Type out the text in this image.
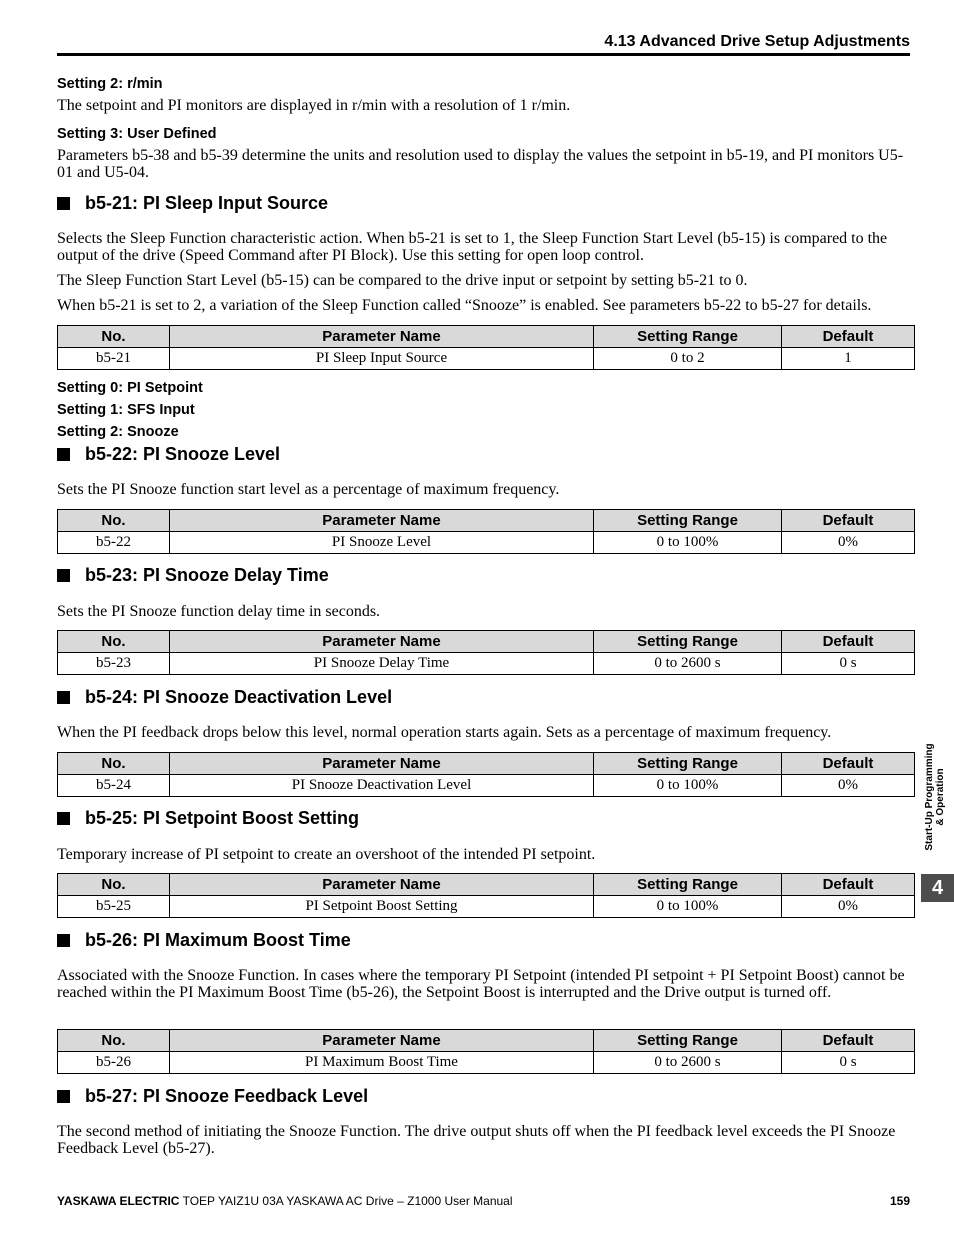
4.13 Advanced Drive Setup Adjustments
Setting 2: r/min
The setpoint and PI monitors are displayed in r/min with a resolution of 1 r/min.
Setting 3: User Defined
Parameters b5-38 and b5-39 determine the units and resolution used to display the values the setpoint in b5-19, and PI monitors U5-01 and U5-04.
b5-21: PI Sleep Input Source
Selects the Sleep Function characteristic action. When b5-21 is set to 1, the Sleep Function Start Level (b5-15) is compared to the output of the drive (Speed Command after PI Block). Use this setting for open loop control.
The Sleep Function Start Level (b5-15) can be compared to the drive input or setpoint by setting b5-21 to 0.
When b5-21 is set to 2, a variation of the Sleep Function called “Snooze” is enabled. See parameters b5-22 to b5-27 for details.
No.	Parameter Name	Setting Range	Default
b5-21	PI Sleep Input Source	0 to 2	1
Setting 0: PI Setpoint
Setting 1: SFS Input
Setting 2: Snooze
b5-22: PI Snooze Level
Sets the PI Snooze function start level as a percentage of maximum frequency.
No.	Parameter Name	Setting Range	Default
b5-22	PI Snooze Level	0 to 100%	0%
b5-23: PI Snooze Delay Time
Sets the PI Snooze function delay time in seconds.
No.	Parameter Name	Setting Range	Default
b5-23	PI Snooze Delay Time	0 to 2600 s	0 s
b5-24: PI Snooze Deactivation Level
When the PI feedback drops below this level, normal operation starts again. Sets as a percentage of maximum frequency.
No.	Parameter Name	Setting Range	Default
b5-24	PI Snooze Deactivation Level	0 to 100%	0%
b5-25: PI Setpoint Boost Setting
Temporary increase of PI setpoint to create an overshoot of the intended PI setpoint.
No.	Parameter Name	Setting Range	Default
b5-25	PI Setpoint Boost Setting	0 to 100%	0%
b5-26: PI Maximum Boost Time
Associated with the Snooze Function. In cases where the temporary PI Setpoint (intended PI setpoint + PI Setpoint Boost) cannot be reached within the PI Maximum Boost Time (b5-26), the Setpoint Boost is interrupted and the Drive output is turned off.
No.	Parameter Name	Setting Range	Default
b5-26	PI Maximum Boost Time	0 to 2600 s	0 s
b5-27: PI Snooze Feedback Level
The second method of initiating the Snooze Function. The drive output shuts off when the PI feedback level exceeds the PI Snooze Feedback Level (b5-27).
Start-Up Programming & Operation
4
YASKAWA ELECTRIC TOEP YAIZ1U 03A YASKAWA AC Drive – Z1000 User Manual	159
